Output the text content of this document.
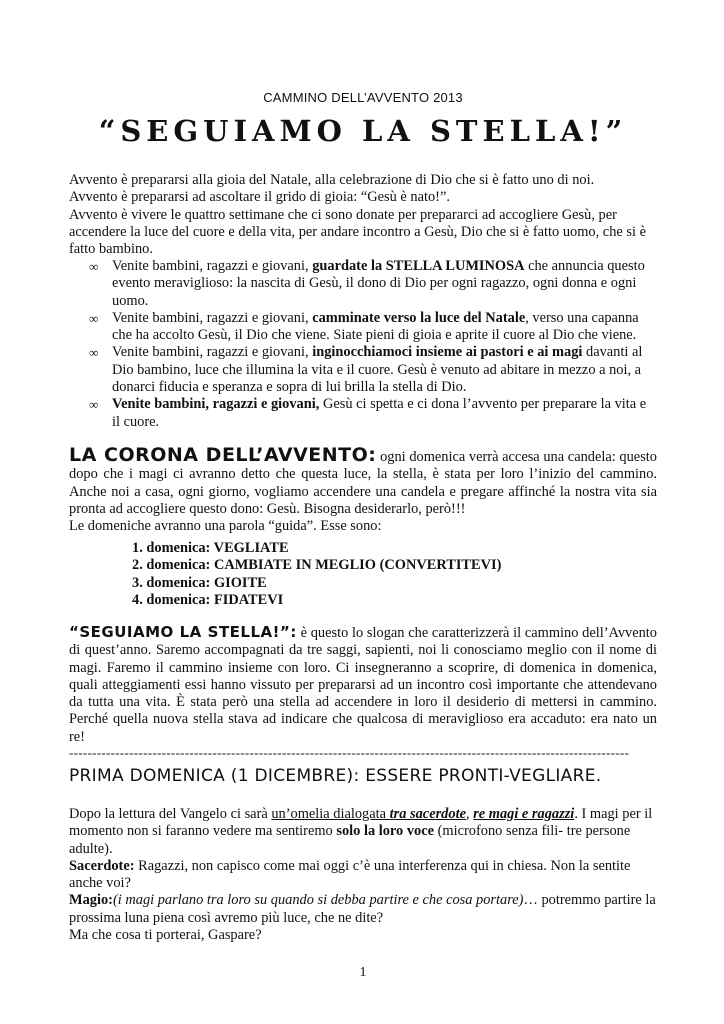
CAMMINO DELL’AVVENTO 2013
“SEGUIAMO LA STELLA!”

Avvento è prepararsi alla gioia del Natale, alla celebrazione di Dio che si è fatto uno di noi.

Avvento è prepararsi ad ascoltare il grido di gioia: “Gesù è nato!”.

Avvento è vivere le quattro settimane che ci sono donate per prepararci ad accogliere Gesù, per accendere la luce del cuore e della vita, per andare incontro a Gesù, Dio che si è fatto uomo, che si è fatto bambino.

∞ Venite bambini, ragazzi e giovani, guardate la STELLA LUMINOSA che annuncia questo evento meraviglioso: la nascita di Gesù, il dono di Dio per ogni ragazzo, ogni donna e ogni uomo.
∞ Venite bambini, ragazzi e giovani, camminate verso la luce del Natale, verso una capanna che ha accolto Gesù, il Dio che viene. Siate pieni di gioia e aprite il cuore al Dio che viene.
∞ Venite bambini, ragazzi e giovani, inginocchiamoci insieme ai pastori e ai magi davanti al Dio bambino, luce che illumina la vita e il cuore. Gesù è venuto ad abitare in mezzo a noi, a donarci fiducia e speranza e sopra di lui brilla la stella di Dio.
∞ Venite bambini, ragazzi e giovani, Gesù ci spetta e ci dona l’avvento per preparare la vita e il cuore.
LA CORONA DELL’AVVENTO: ogni domenica verrà accesa una candela: questo dopo che i magi ci avranno detto che questa luce, la stella, è stata per loro l’inizio del cammino. Anche noi a casa, ogni giorno, vogliamo accendere una candela e pregare affinché la nostra vita sia pronta ad accogliere questo dono: Gesù. Bisogna desiderarlo, però!!!
Le domeniche avranno una parola “guida”. Esse sono:
1. domenica: VEGLIATE
2. domenica: CAMBIATE IN MEGLIO (CONVERTITEVI)
3. domenica: GIOITE
4. domenica: FIDATEVI
“SEGUIAMO LA STELLA!”: è questo lo slogan che caratterizzerà il cammino dell’Avvento di quest’anno. Saremo accompagnati da tre saggi, sapienti, noi li conosciamo meglio con il nome di magi. Faremo il cammino insieme con loro. Ci insegneranno a scoprire, di domenica in domenica, quali atteggiamenti essi hanno vissuto per prepararsi ad un incontro così importante che attendevano da tutta una vita. È stata però una stella ad accendere in loro il desiderio di mettersi in cammino. Perché quella nuova stella stava ad indicare che qualcosa di meraviglioso era accaduto: era nato un re!
-------------------------------------------------------------------------------------------------------------------------
PRIMA DOMENICA (1 DICEMBRE): ESSERE PRONTI-VEGLIARE.

Dopo la lettura del Vangelo ci sarà un’omelia dialogata tra sacerdote, re magi e ragazzi. I magi per il momento non si faranno vedere ma sentiremo solo la loro voce (microfono senza fili- tre persone adulte).

Sacerdote: Ragazzi, non capisco come mai oggi c’è una interferenza qui in chiesa. Non la sentite anche voi?

Magio:(i magi parlano tra loro su quando si debba partire e che cosa portare)… potremmo partire la prossima luna piena così avremo più luce, che ne dite?

Ma che cosa ti porterai, Gaspare?

1
